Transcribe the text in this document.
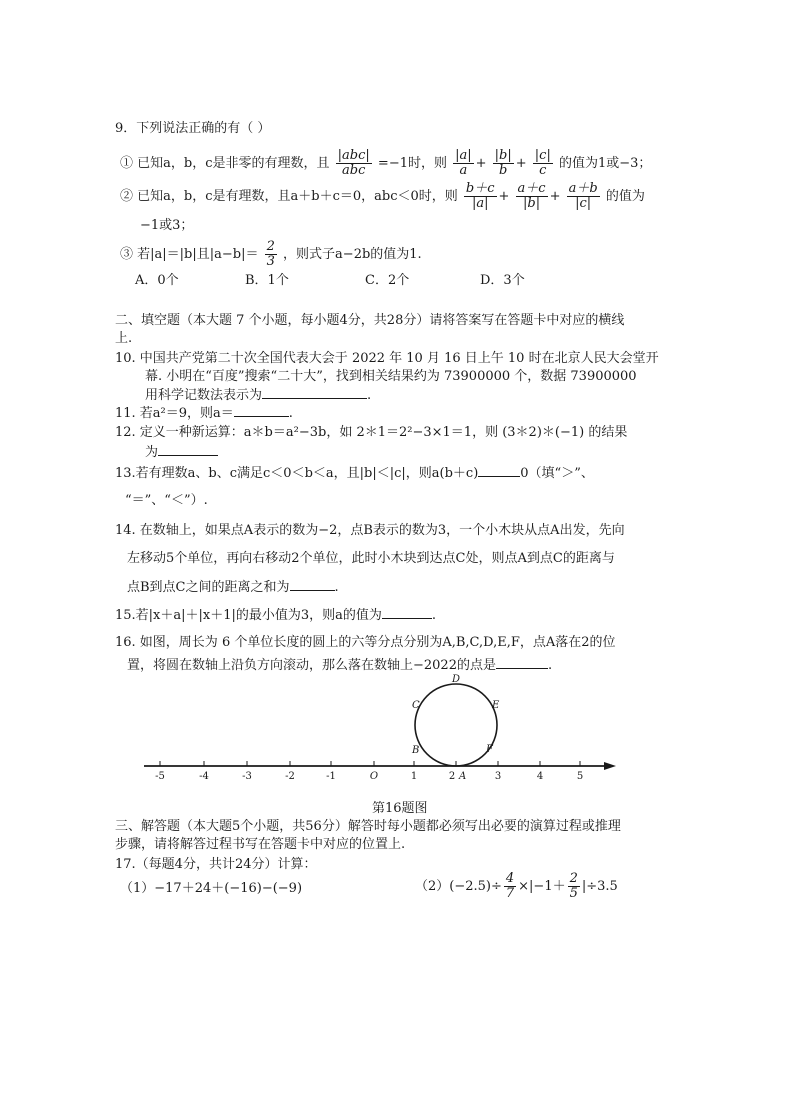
9．下列说法正确的有（ ）
① 已知a，b，c是非零的有理数，且 $\frac{\text{|abc|}}{\text{abc}} =-1$时，则 $\frac{|a|}{a} + \frac{|b|}{b} + \frac{|c|}{c}$ 的值为1或−3；
② 已知a，b，c是有理数，且a＋b＋c＝0，abc＜0时，则 $\frac{b+c}{|a|} + \frac{a+c}{|b|} + \frac{a+b}{|c|}$ 的值为
−1或3；
③ 若|a|＝|b|且$|a-b|= \frac{2}{3}$ ，则式子a−2b的值为1.
A．0个	B．1个	C．2个	D．3个
二、填空题（本大题 7 个小题，每小题4分，共28分）请将答案写在答题卡中对应的横线
上.
10. 中国共产党第二十次全国代表大会于 2022 年 10 月 16 日上午 10 时在北京人民大会堂开
幕. 小明在“百度”搜索“二十大”，找到相关结果约为 73900000 个，数据 73900000
用科学记数法表示为	.
11. 若a²＝9，则a＝	.
12. 定义一种新运算：a＊b＝a²−3b，如 2＊1＝2²−3×1＝1，则 (3＊2)＊(−1) 的结果
为
13.若有理数a、b、c满足c＜0＜b＜a，且|b|＜|c|，则a(b＋c)	0（填“＞”、
“＝”、“＜”）.
14. 在数轴上，如果点A表示的数为−2，点B表示的数为3，一个小木块从点A出发，先向
左移动5个单位，再向右移动2个单位，此时小木块到达点C处，则点A到点C的距离与
点B到点C之间的距离之和为	.
15.若|x＋a|＋|x＋1|的最小值为3，则a的值为	.
16. 如图，周长为 6 个单位长度的圆上的六等分点分别为A,B,C,D,E,F，点A落在2的位
置，将圆在数轴上沿负方向滚动，那么落在数轴上−2022的点是	.
-5	-4	-3	-2	-1	O	1	2	3	4	5
A
B
C
D
E
F
第16题图
三、解答题（本大题5个小题，共56分）解答时每小题都必须写出必要的演算过程或推理
步骤，请将解答过程书写在答题卡中对应的位置上.
17.（每题4分，共计24分）计算：
（1）−17＋24＋(−16)−(−9)	$(2)(-2.5)\div \frac{4}{7} \times|-1+ \frac{2}{5} |\div 3.5$
